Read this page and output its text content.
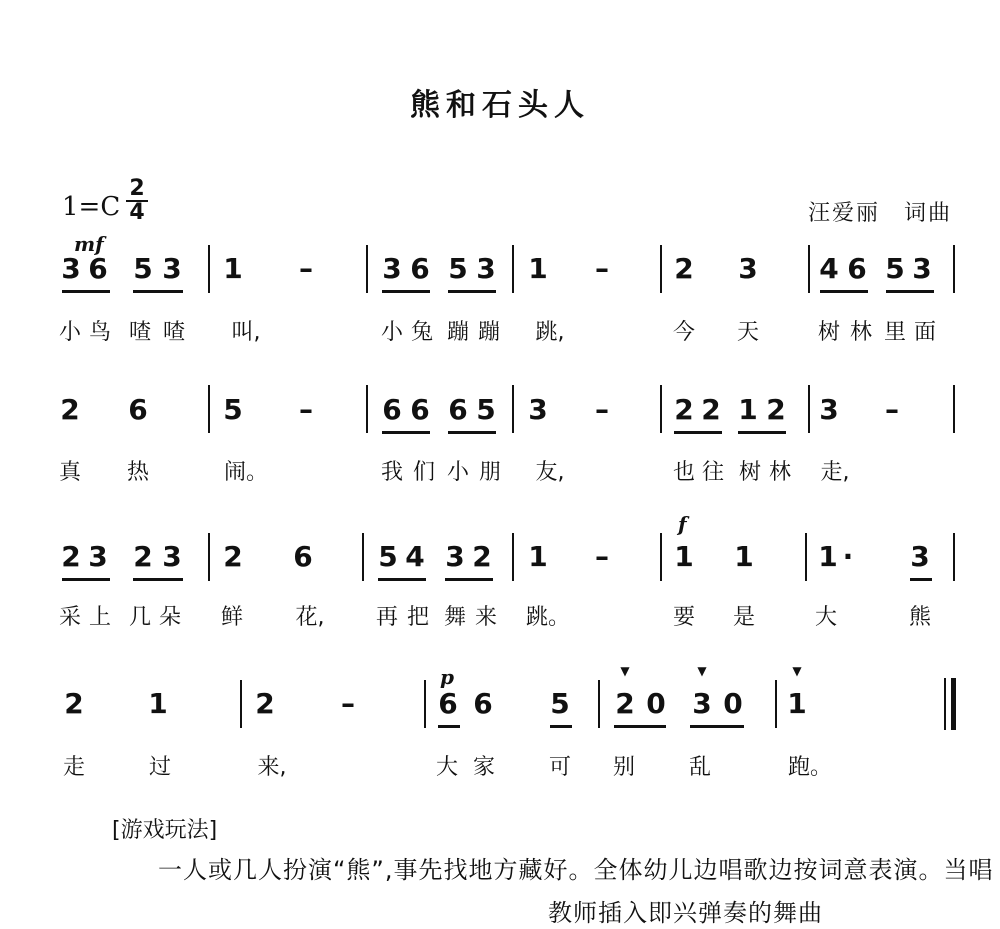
熊和石头人
1=C
2
4	汪爱丽　词曲
mf
3 6 5 3 1 – 3 6 5 3 1 – 2 3 4 6 5 3
小 鸟 喳 喳 叫,	小 兔 蹦 蹦 跳,	今 天	树 林 里 面
2 6	5 – 6 6 6 5 3 – 2 2 1 2 3 –
真 热	闹。	我 们 小 朋 友,	也 往 树 林 走,
2 3 2 3 2 6 5 4 3 2 1 –
f
1 1 1 · 3
采 上 几 朵 鲜 花, 再 把 舞 来 跳。	要 是	大	熊
2 1	2 –
p
6 6 5
▼
2 0
▼
3 0
▼
1
走	过	来,	大 家 可 别 乱	跑。
[游戏玩法]
一人或几人扮演“熊”,事先找地方藏好。全体幼儿边唱歌边按词意表演。当唱
教师插入即兴弹奏的舞曲
